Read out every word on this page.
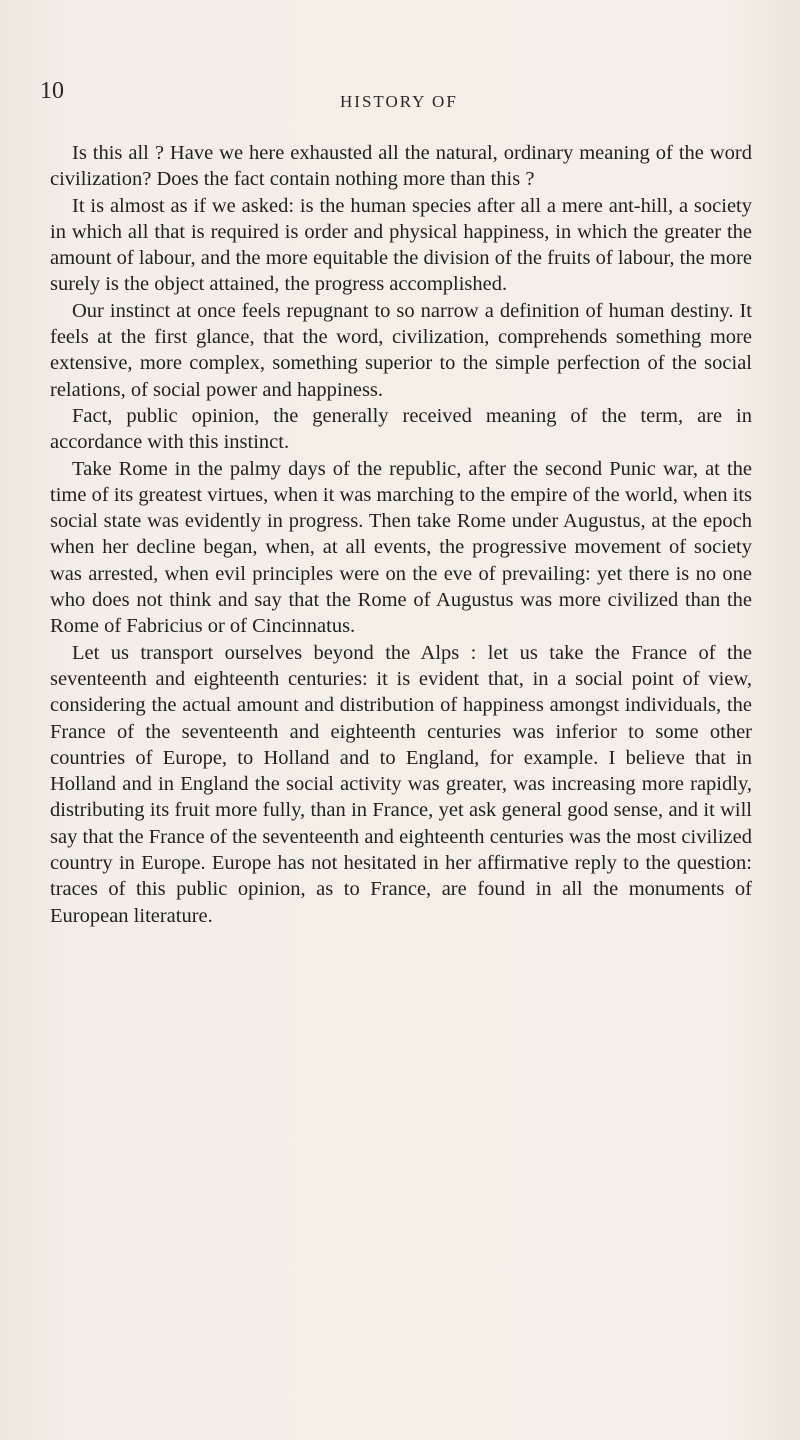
10	HISTORY OF

Is this all ? Have we here exhausted all the natural, ordinary meaning of the word civilization? Does the fact contain nothing more than this ?

It is almost as if we asked: is the human species after all a mere ant-hill, a society in which all that is required is order and physical happiness, in which the greater the amount of labour, and the more equitable the division of the fruits of labour, the more surely is the object attained, the progress accomplished.

Our instinct at once feels repugnant to so narrow a definition of human destiny. It feels at the first glance, that the word, civilization, comprehends something more extensive, more complex, something superior to the simple perfection of the social relations, of social power and happiness.

Fact, public opinion, the generally received meaning of the term, are in accordance with this instinct.

Take Rome in the palmy days of the republic, after the second Punic war, at the time of its greatest virtues, when it was marching to the empire of the world, when its social state was evidently in progress. Then take Rome under Augustus, at the epoch when her decline began, when, at all events, the progressive movement of society was arrested, when evil principles were on the eve of prevailing: yet there is no one who does not think and say that the Rome of Augustus was more civilized than the Rome of Fabricius or of Cincinnatus.

Let us transport ourselves beyond the Alps : let us take the France of the seventeenth and eighteenth centuries: it is evident that, in a social point of view, considering the actual amount and distribution of happiness amongst individuals, the France of the seventeenth and eighteenth centuries was inferior to some other countries of Europe, to Holland and to England, for example. I believe that in Holland and in England the social activity was greater, was increasing more rapidly, distributing its fruit more fully, than in France, yet ask general good sense, and it will say that the France of the seventeenth and eighteenth centuries was the most civilized country in Europe. Europe has not hesitated in her affirmative reply to the question: traces of this public opinion, as to France, are found in all the monuments of European literature.
